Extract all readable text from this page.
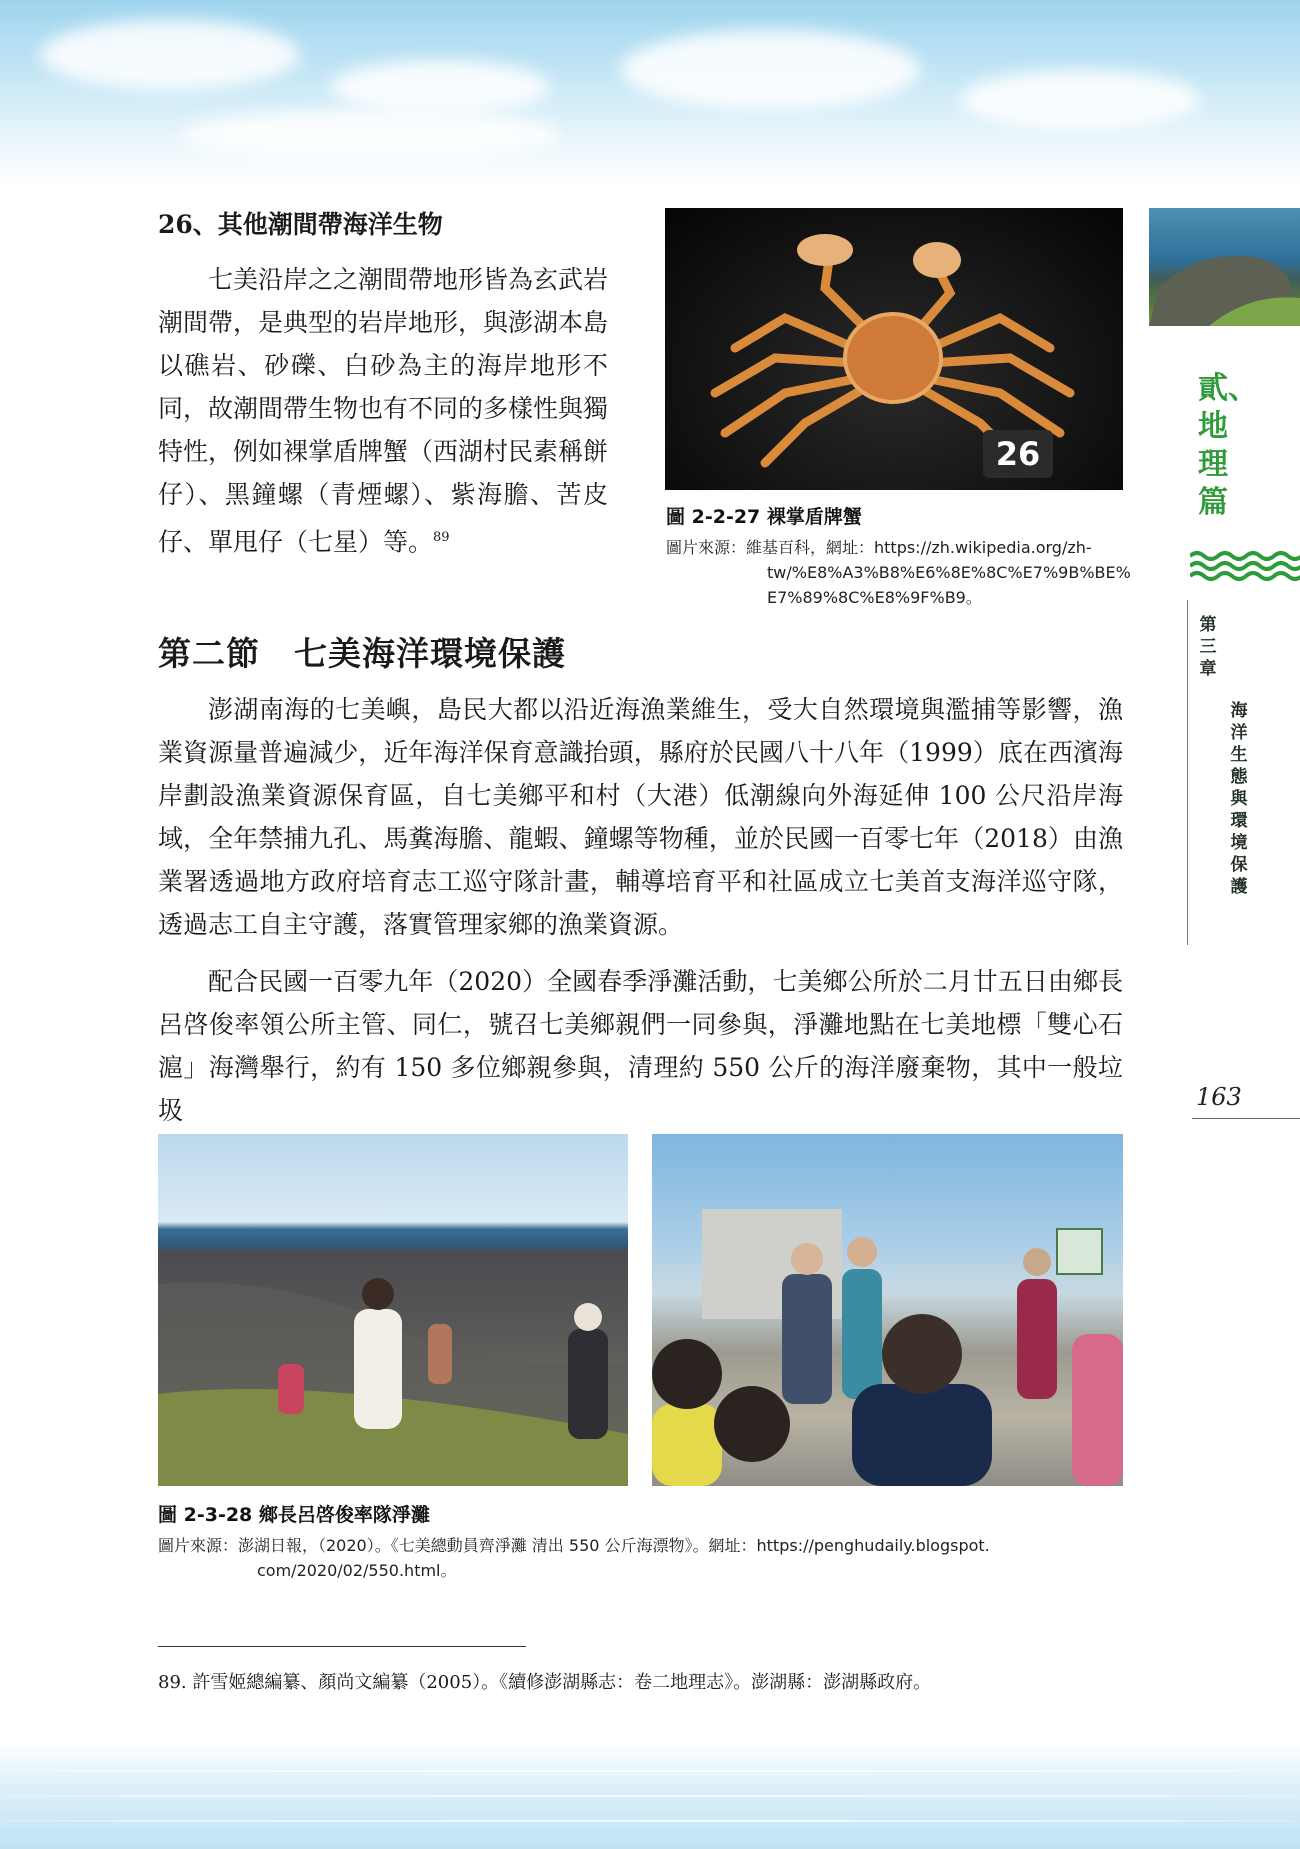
26、其他潮間帶海洋生物
七美沿岸之之潮間帶地形皆為玄武岩潮間帶，是典型的岩岸地形，與澎湖本島以礁岩、砂礫、白砂為主的海岸地形不同，故潮間帶生物也有不同的多樣性與獨特性，例如裸掌盾牌蟹（西湖村民素稱餅仔）、黑鐘螺（青煙螺）、紫海膽、苦皮仔、單甩仔（七星）等。$^{89}$
26
圖 2-2-27 裸掌盾牌蟹
圖片來源：維基百科，網址：https://zh.wikipedia.org/zh-
tw/%E8%A3%B8%E6%8E%8C%E7%9B%BE%E7%89%8C%E8%9F%B9。
第二節　七美海洋環境保護
澎湖南海的七美嶼，島民大都以沿近海漁業維生，受大自然環境與濫捕等影響，漁業資源量普遍減少，近年海洋保育意識抬頭，縣府於民國八十八年（1999）底在西濱海岸劃設漁業資源保育區，自七美鄉平和村（大港）低潮線向外海延伸 100 公尺沿岸海域，全年禁捕九孔、馬糞海膽、龍蝦、鐘螺等物種，並於民國一百零七年（2018）由漁業署透過地方政府培育志工巡守隊計畫，輔導培育平和社區成立七美首支海洋巡守隊，透過志工自主守護，落實管理家鄉的漁業資源。
配合民國一百零九年（2020）全國春季淨灘活動，七美鄉公所於二月廿五日由鄉長呂啓俊率領公所主管、同仁，號召七美鄉親們一同參與，淨灘地點在七美地標「雙心石滬」海灣舉行，約有 150 多位鄉親參與，清理約 550 公斤的海洋廢棄物，其中一般垃圾
圖 2-3-28 鄉長呂啓俊率隊淨灘
圖片來源：澎湖日報，（2020）。《七美總動員齊淨灘 清出 550 公斤海漂物》。網址：https://penghudaily.blogspot.
com/2020/02/550.html。
89. 許雪姬總編纂、顏尚文編纂（2005）。《續修澎湖縣志：卷二地理志》。澎湖縣：澎湖縣政府。
貳、地理篇
第三章
海洋生態與環境保護
163
